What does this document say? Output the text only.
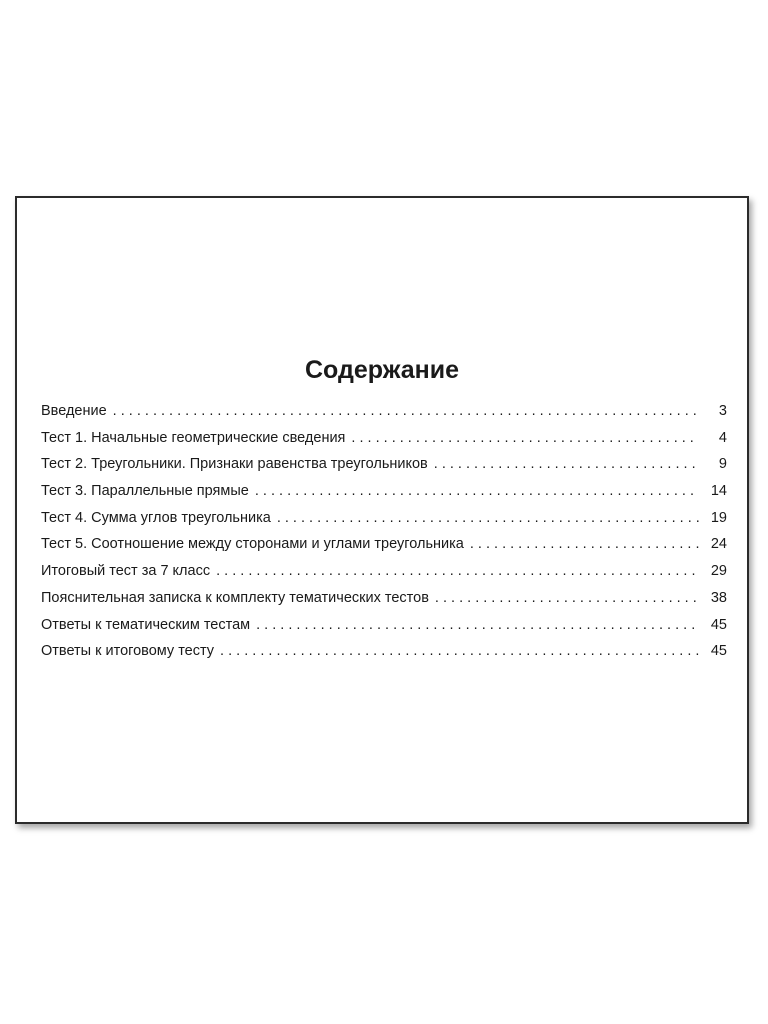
Содержание
Введение . . .	3
Тест 1. Начальные геометрические сведения . . .	4
Тест 2. Треугольники. Признаки равенства треугольников . . .	9
Тест 3. Параллельные прямые . . .	14
Тест 4. Сумма углов треугольника . . .	19
Тест 5. Соотношение между сторонами и углами треугольника . . .	24
Итоговый тест за 7 класс . . .	29
Пояснительная записка к комплекту тематических тестов . . .	38
Ответы к тематическим тестам . . .	45
Ответы к итоговому тесту . . .	45
